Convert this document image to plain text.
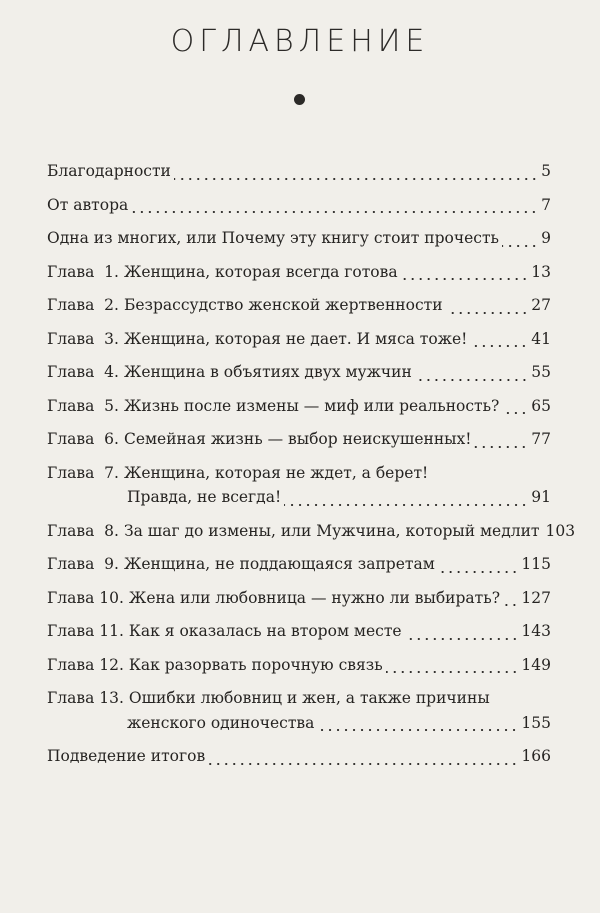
ОГЛАВЛЕНИЕ
Благодарности	5
От автора	7
Одна из многих, или Почему эту книгу стоит прочесть	9
Глава  1. Женщина, которая всегда готова	13
Глава  2. Безрассудство женской жертвенности	27
Глава  3. Женщина, которая не дает. И мяса тоже!	41
Глава  4. Женщина в объятиях двух мужчин	55
Глава  5. Жизнь после измены — миф или реальность? 65
Глава  6. Семейная жизнь — выбор неискушенных!	77
Глава  7. Женщина, которая не ждет, а берет!
Правда, не всегда!	91
Глава  8. За шаг до измены, или Мужчина, который медлит 103
Глава  9. Женщина, не поддающаяся запретам	115
Глава 10. Жена или любовница — нужно ли выбирать? 127
Глава 11. Как я оказалась на втором месте	143
Глава 12. Как разорвать порочную связь	149
Глава 13. Ошибки любовниц и жен, а также причины
женского одиночества	155
Подведение итогов	166
